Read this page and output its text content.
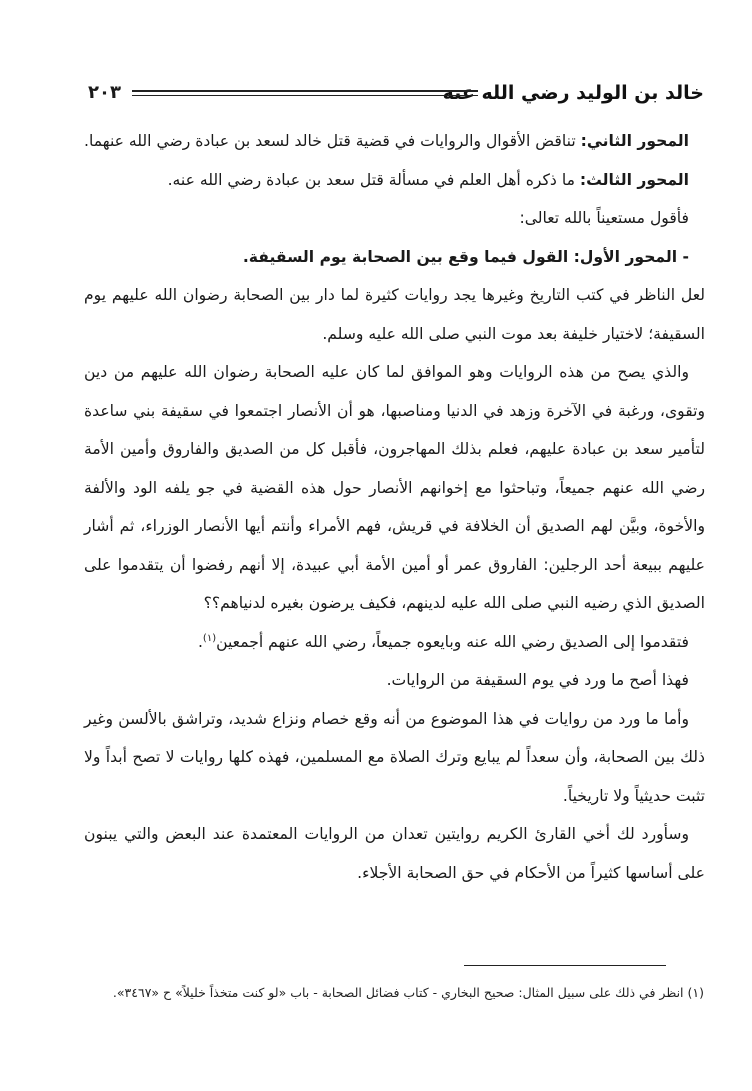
خالد بن الوليد رضي الله عنه
٢٠٣

المحور الثاني: تناقض الأقوال والروايات في قضية قتل خالد لسعد بن عبادة رضي الله عنهما.

المحور الثالث: ما ذكره أهل العلم في مسألة قتل سعد بن عبادة رضي الله عنه.

فأقول مستعيناً بالله تعالى:

- المحور الأول: القول فيما وقع بين الصحابة يوم السقيفة.

لعل الناظر في كتب التاريخ وغيرها يجد روايات كثيرة لما دار بين الصحابة رضوان الله عليهم يوم السقيفة؛ لاختيار خليفة بعد موت النبي صلى الله عليه وسلم.

والذي يصح من هذه الروايات وهو الموافق لما كان عليه الصحابة رضوان الله عليهم من دين وتقوى، ورغبة في الآخرة وزهد في الدنيا ومناصبها، هو أن الأنصار اجتمعوا في سقيفة بني ساعدة لتأمير سعد بن عبادة عليهم، فعلم بذلك المهاجرون، فأقبل كل من الصديق والفاروق وأمين الأمة رضي الله عنهم جميعاً، وتباحثوا مع إخوانهم الأنصار حول هذه القضية في جو يلفه الود والألفة والأخوة، وبيَّن لهم الصديق أن الخلافة في قريش، فهم الأمراء وأنتم أيها الأنصار الوزراء، ثم أشار عليهم ببيعة أحد الرجلين: الفاروق عمر أو أمين الأمة أبي عبيدة، إلا أنهم رفضوا أن يتقدموا على الصديق الذي رضيه النبي صلى الله عليه لدينهم، فكيف يرضون بغيره لدنياهم؟؟

فتقدموا إلى الصديق رضي الله عنه وبايعوه جميعاً، رضي الله عنهم أجمعين$^{(١)}$.

فهذا أصح ما ورد في يوم السقيفة من الروايات.

وأما ما ورد من روايات في هذا الموضوع من أنه وقع خصام ونزاع شديد، وتراشق بالألسن وغير ذلك بين الصحابة، وأن سعداً لم يبايع وترك الصلاة مع المسلمين، فهذه كلها روايات لا تصح أبداً ولا تثبت حديثياً ولا تاريخياً.

وسأورد لك أخي القارئ الكريم روايتين تعدان من الروايات المعتمدة عند البعض والتي يبنون على أساسها كثيراً من الأحكام في حق الصحابة الأجلاء.

(١) انظر في ذلك على سبيل المثال: صحيح البخاري - كتاب فضائل الصحابة - باب «لو كنت متخذاً خليلاً» ح «٣٤٦٧».
